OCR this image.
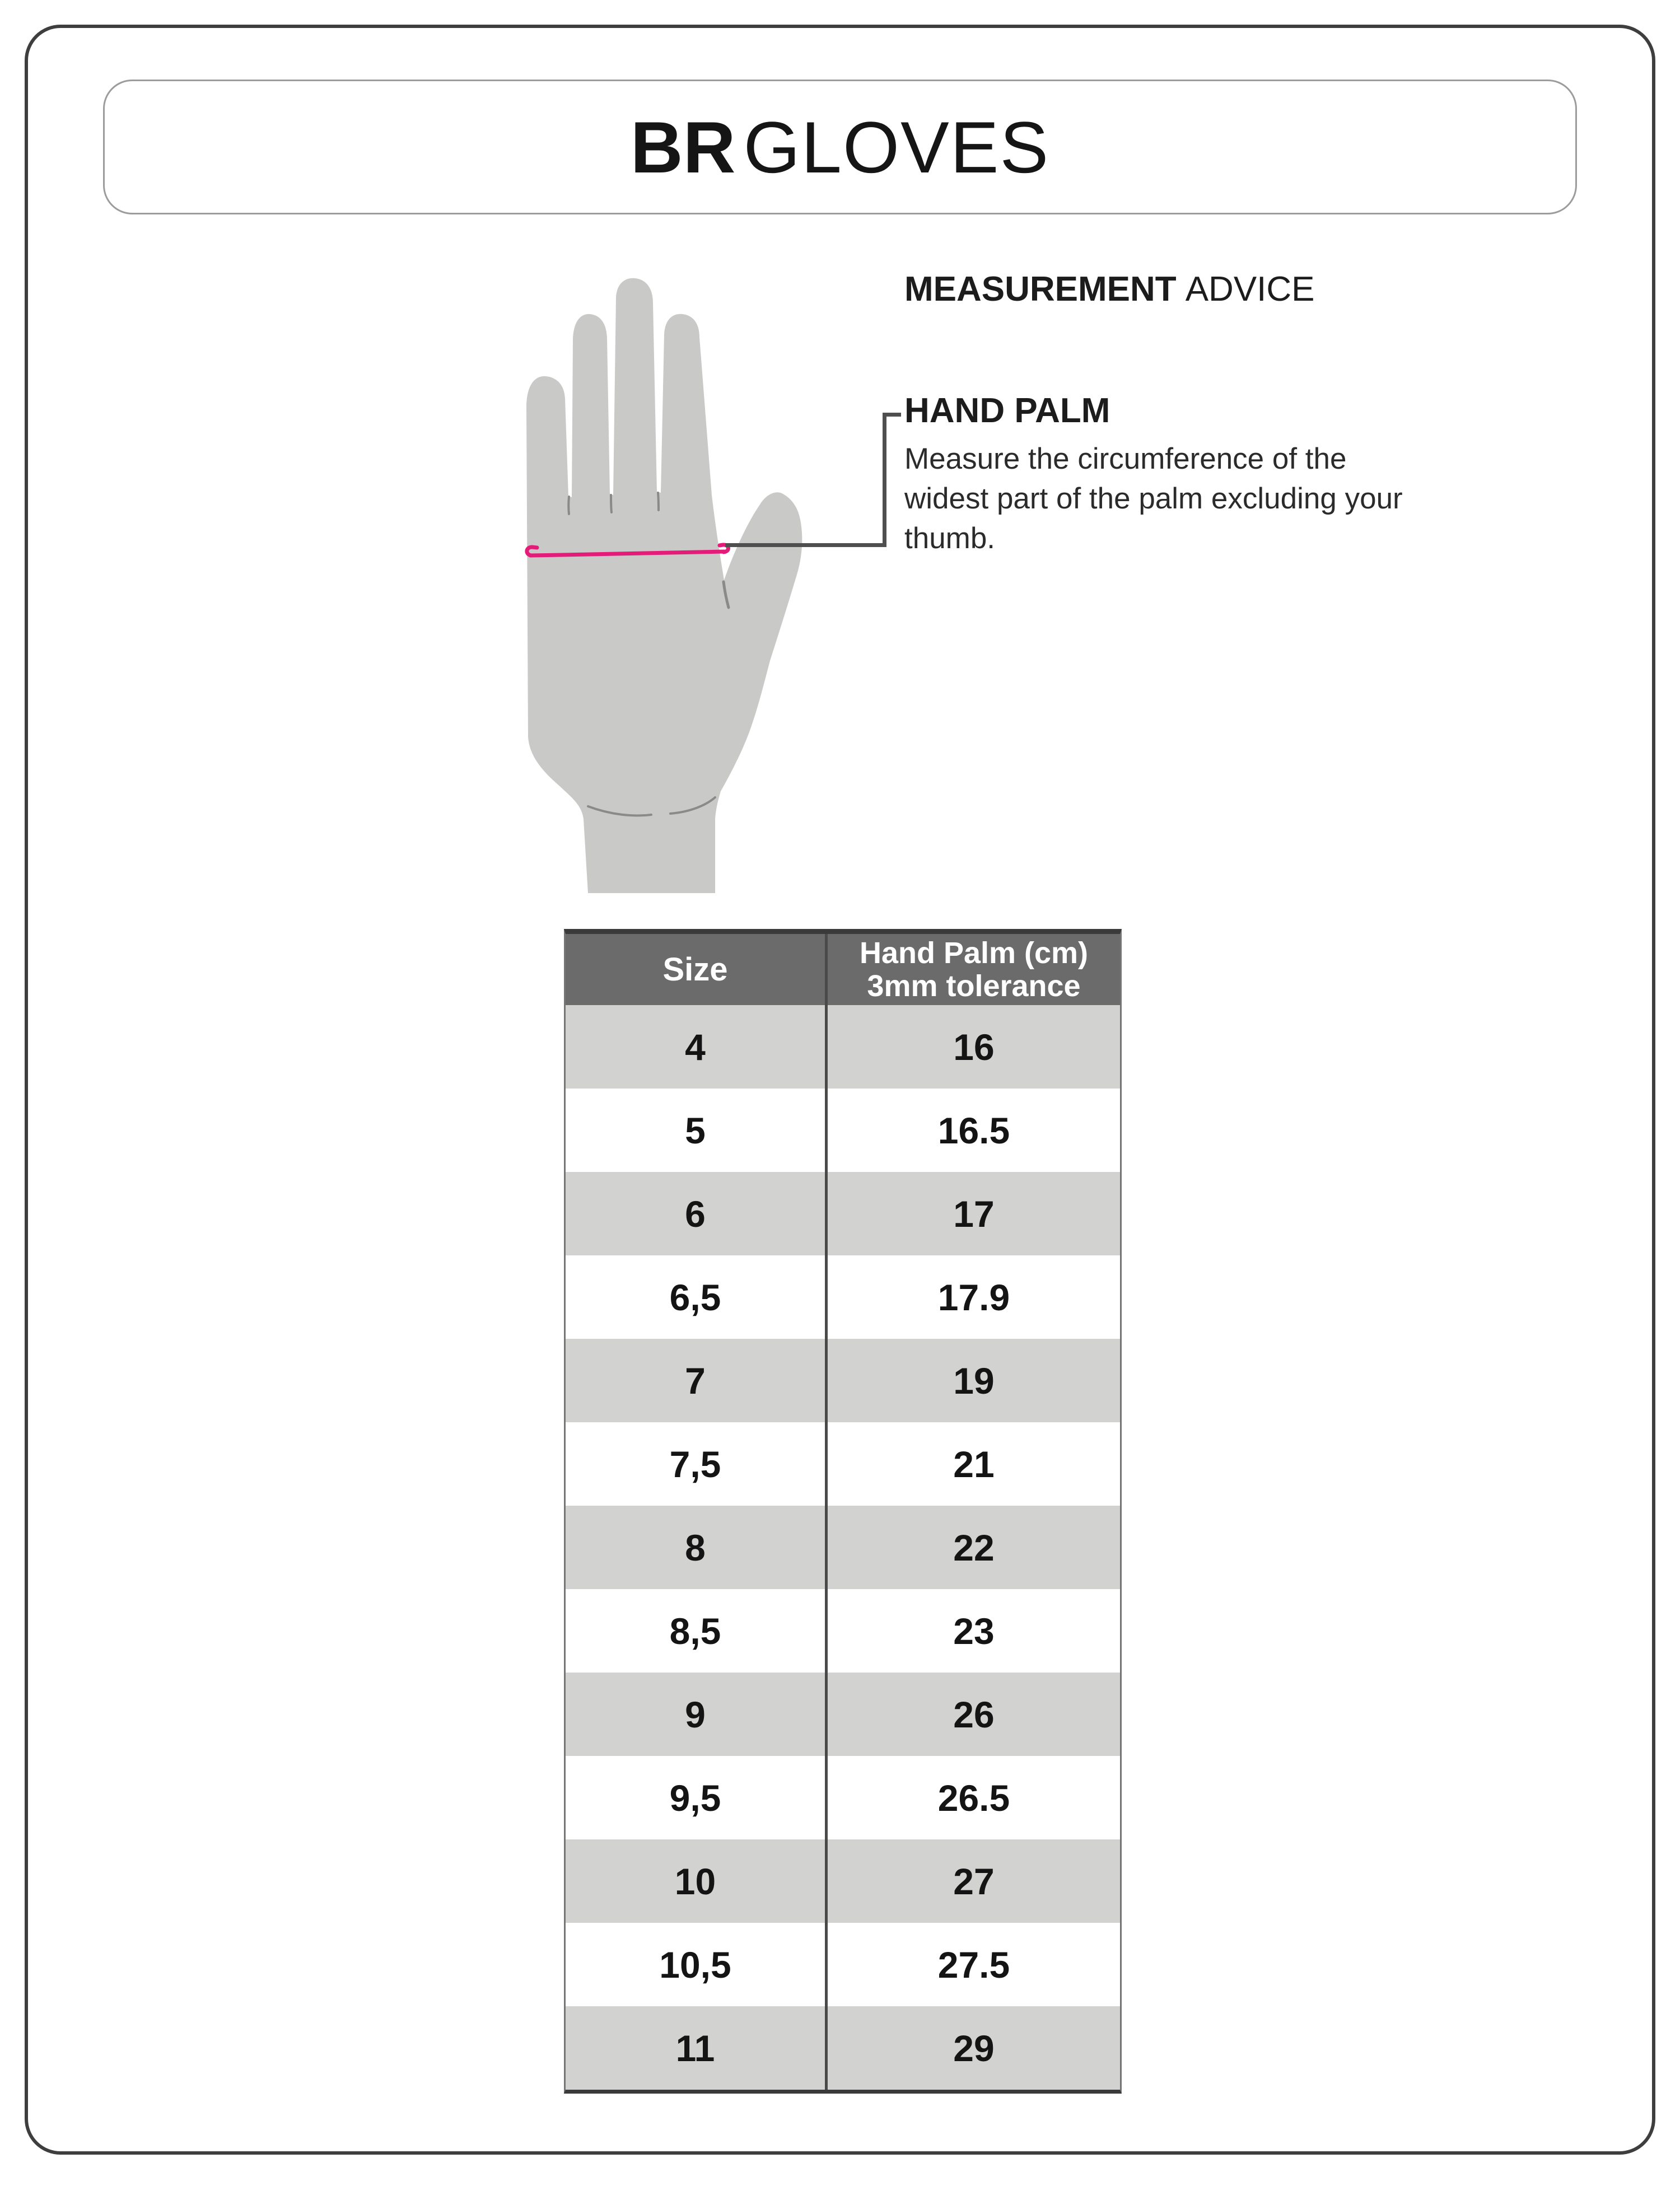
BR GLOVES
MEASUREMENT ADVICE
HAND PALM
Measure the circumference of the
widest part of the palm excluding your
thumb.
Size	Hand Palm (cm)
3mm tolerance
4	16
5	16.5
6	17
6,5	17.9
7	19
7,5	21
8	22
8,5	23
9	26
9,5	26.5
10	27
10,5	27.5
11	29
